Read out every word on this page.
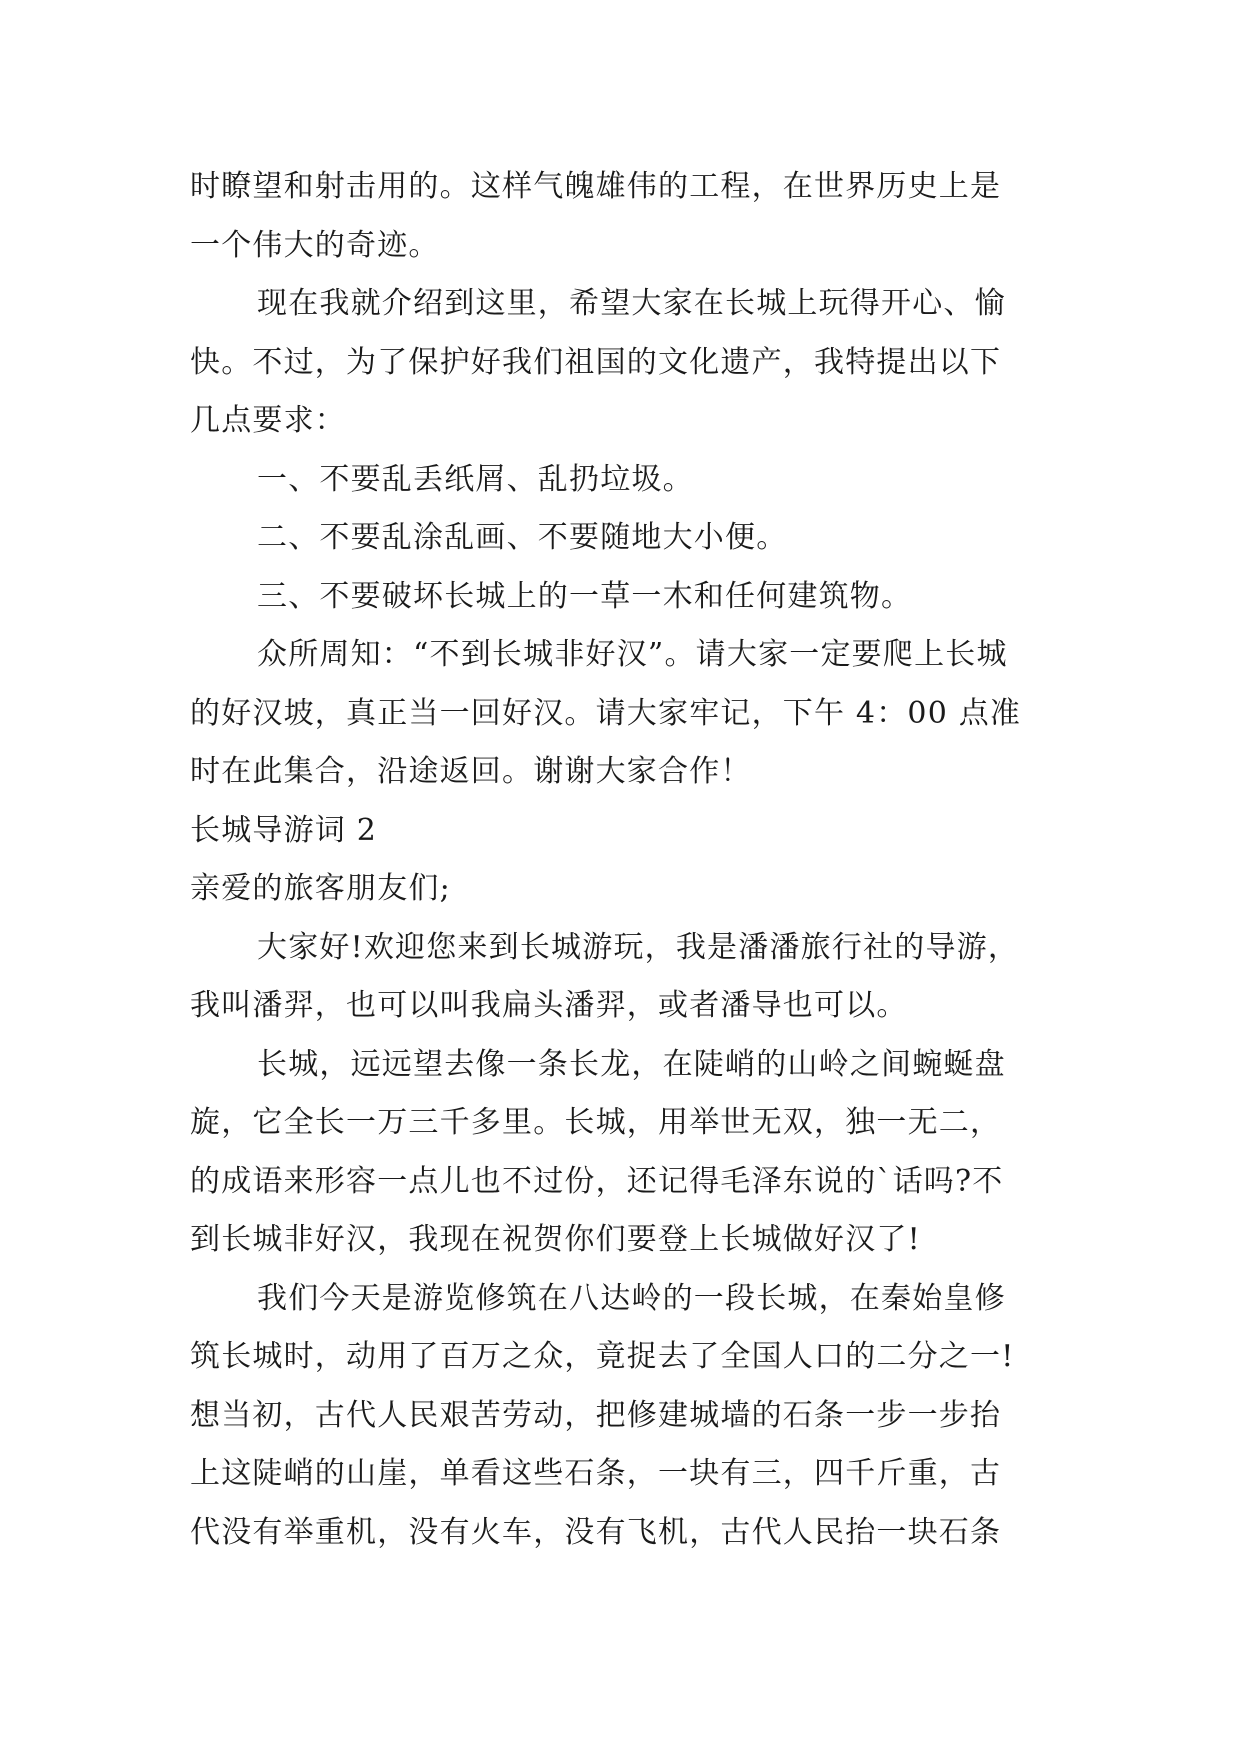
时瞭望和射击用的。这样气魄雄伟的工程，在世界历史上是
一个伟大的奇迹。
现在我就介绍到这里，希望大家在长城上玩得开心、愉
快。不过，为了保护好我们祖国的文化遗产，我特提出以下
几点要求：
一、不要乱丢纸屑、乱扔垃圾。
二、不要乱涂乱画、不要随地大小便。
三、不要破坏长城上的一草一木和任何建筑物。
众所周知：“不到长城非好汉”。请大家一定要爬上长城
的好汉坡，真正当一回好汉。请大家牢记，下午 4：00 点准
时在此集合，沿途返回。谢谢大家合作！
长城导游词 2
亲爱的旅客朋友们;
大家好!欢迎您来到长城游玩，我是潘潘旅行社的导游，
我叫潘羿，也可以叫我扁头潘羿，或者潘导也可以。
长城，远远望去像一条长龙，在陡峭的山岭之间蜿蜒盘
旋，它全长一万三千多里。长城，用举世无双，独一无二，
的成语来形容一点儿也不过份，还记得毛泽东说的`话吗?不
到长城非好汉，我现在祝贺你们要登上长城做好汉了!
我们今天是游览修筑在八达岭的一段长城，在秦始皇修
筑长城时，动用了百万之众，竟捉去了全国人口的二分之一!
想当初，古代人民艰苦劳动，把修建城墙的石条一步一步抬
上这陡峭的山崖，单看这些石条，一块有三，四千斤重，古
代没有举重机，没有火车，没有飞机，古代人民抬一块石条
